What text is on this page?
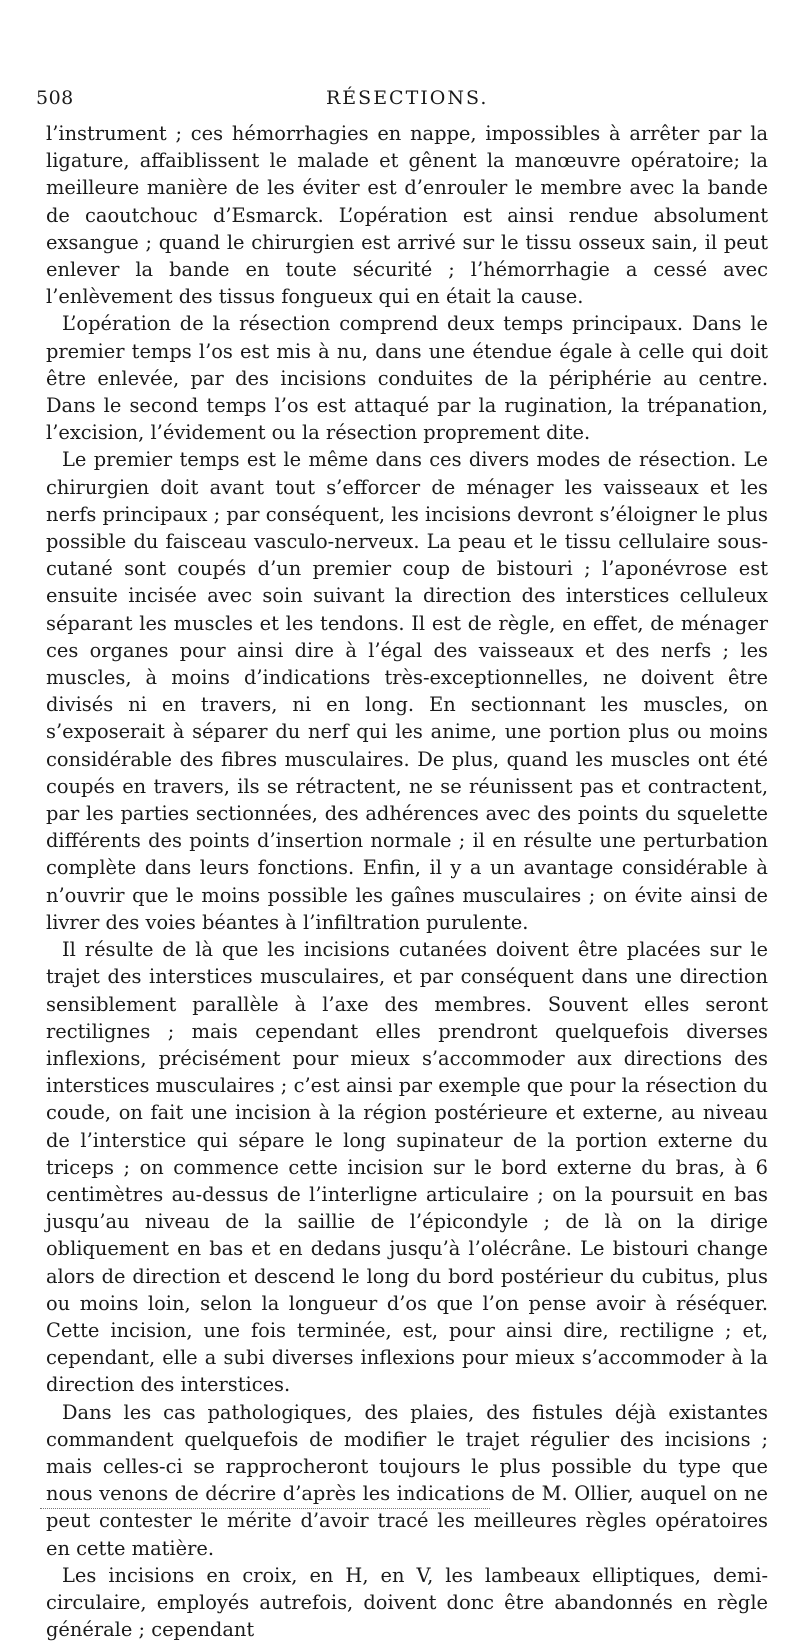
508	RÉSECTIONS.

l’instrument ; ces hémorrhagies en nappe, impossibles à arrêter par la ligature, affaiblissent le malade et gênent la manœuvre opératoire; la meilleure manière de les éviter est d’enrouler le membre avec la bande de caoutchouc d’Esmarck. L’opération est ainsi rendue absolument exsangue ; quand le chirurgien est arrivé sur le tissu osseux sain, il peut enlever la bande en toute sécurité ; l’hémorrhagie a cessé avec l’enlèvement des tissus fongueux qui en était la cause.

L’opération de la résection comprend deux temps principaux. Dans le premier temps l’os est mis à nu, dans une étendue égale à celle qui doit être enlevée, par des incisions conduites de la périphérie au centre. Dans le second temps l’os est attaqué par la rugination, la trépanation, l’excision, l’évidement ou la résection proprement dite.

Le premier temps est le même dans ces divers modes de résection. Le chirurgien doit avant tout s’efforcer de ménager les vaisseaux et les nerfs principaux ; par conséquent, les incisions devront s’éloigner le plus possible du faisceau vasculo-nerveux. La peau et le tissu cellulaire sous-cutané sont coupés d’un premier coup de bistouri ; l’aponévrose est ensuite incisée avec soin suivant la direction des interstices celluleux séparant les muscles et les tendons. Il est de règle, en effet, de ménager ces organes pour ainsi dire à l’égal des vaisseaux et des nerfs ; les muscles, à moins d’indications très-exceptionnelles, ne doivent être divisés ni en travers, ni en long. En sectionnant les muscles, on s’exposerait à séparer du nerf qui les anime, une portion plus ou moins considérable des fibres musculaires. De plus, quand les muscles ont été coupés en travers, ils se rétractent, ne se réunissent pas et contractent, par les parties sectionnées, des adhérences avec des points du squelette différents des points d’insertion normale ; il en résulte une perturbation complète dans leurs fonctions. Enfin, il y a un avantage considérable à n’ouvrir que le moins possible les gaînes musculaires ; on évite ainsi de livrer des voies béantes à l’infiltration purulente.

Il résulte de là que les incisions cutanées doivent être placées sur le trajet des interstices musculaires, et par conséquent dans une direction sensiblement parallèle à l’axe des membres. Souvent elles seront rectilignes ; mais cependant elles prendront quelquefois diverses inflexions, précisément pour mieux s’accommoder aux directions des interstices musculaires ; c’est ainsi par exemple que pour la résection du coude, on fait une incision à la région postérieure et externe, au niveau de l’interstice qui sépare le long supinateur de la portion externe du triceps ; on commence cette incision sur le bord externe du bras, à 6 centimètres au-dessus de l’interligne articulaire ; on la poursuit en bas jusqu’au niveau de la saillie de l’épicondyle ; de là on la dirige obliquement en bas et en dedans jusqu’à l’olécrâne. Le bistouri change alors de direction et descend le long du bord postérieur du cubitus, plus ou moins loin, selon la longueur d’os que l’on pense avoir à réséquer. Cette incision, une fois terminée, est, pour ainsi dire, rectiligne ; et, cependant, elle a subi diverses inflexions pour mieux s’accommoder à la direction des interstices.

Dans les cas pathologiques, des plaies, des fistules déjà existantes commandent quelquefois de modifier le trajet régulier des incisions ; mais celles-ci se rapprocheront toujours le plus possible du type que nous venons de décrire d’après les indications de M. Ollier, auquel on ne peut contester le mérite d’avoir tracé les meilleures règles opératoires en cette matière.

Les incisions en croix, en H, en V, les lambeaux elliptiques, demi-circulaire, employés autrefois, doivent donc être abandonnés en règle générale ; cependant
